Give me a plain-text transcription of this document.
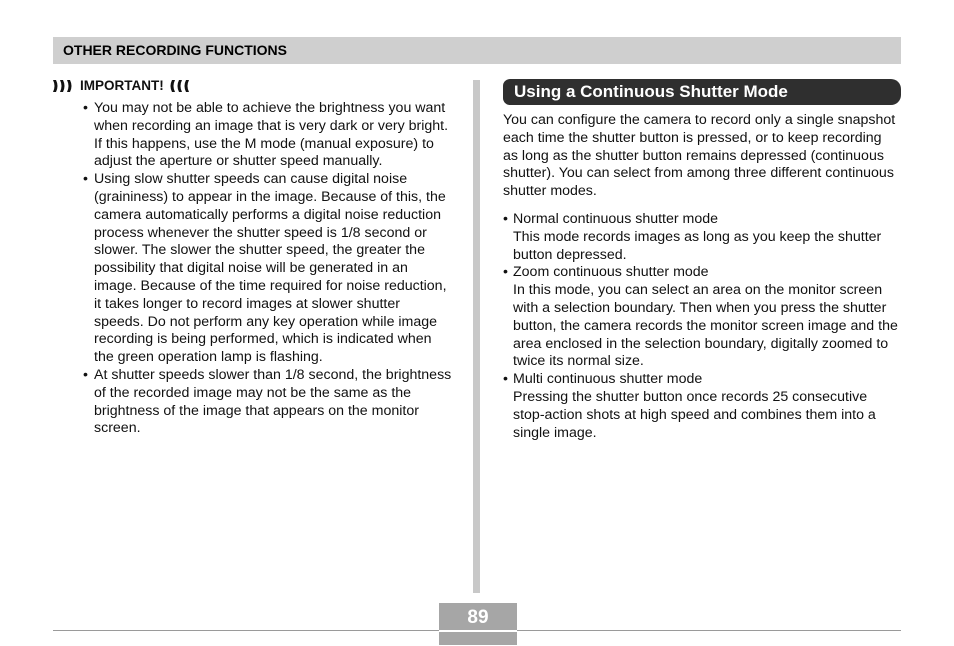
OTHER RECORDING FUNCTIONS
IMPORTANT!
• You may not be able to achieve the brightness you want when recording an image that is very dark or very bright. If this happens, use the M mode (manual exposure) to adjust the aperture or shutter speed manually.
• Using slow shutter speeds can cause digital noise (graininess) to appear in the image. Because of this, the camera automatically performs a digital noise reduction process whenever the shutter speed is 1/8 second or slower. The slower the shutter speed, the greater the possibility that digital noise will be generated in an image. Because of the time required for noise reduction, it takes longer to record images at slower shutter speeds. Do not perform any key operation while image recording is being performed, which is indicated when the green operation lamp is flashing.
• At shutter speeds slower than 1/8 second, the brightness of the recorded image may not be the same as the brightness of the image that appears on the monitor screen.
Using a Continuous Shutter Mode

You can configure the camera to record only a single snapshot each time the shutter button is pressed, or to keep recording as long as the shutter button remains depressed (continuous shutter). You can select from among three different continuous shutter modes.

• Normal continuous shutter mode
This mode records images as long as you keep the shutter button depressed.
• Zoom continuous shutter mode
In this mode, you can select an area on the monitor screen with a selection boundary. Then when you press the shutter button, the camera records the monitor screen image and the area enclosed in the selection boundary, digitally zoomed to twice its normal size.
• Multi continuous shutter mode
Pressing the shutter button once records 25 consecutive stop-action shots at high speed and combines them into a single image.
89
